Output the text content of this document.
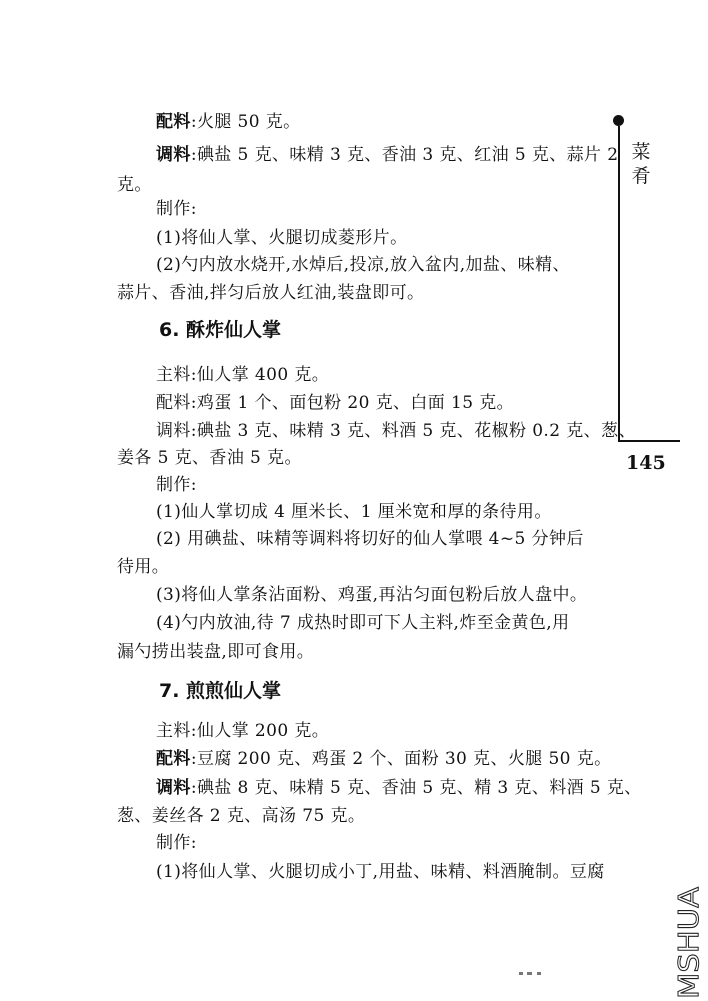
菜肴
145

配料:火腿 50 克。

调料:碘盐 5 克、味精 3 克、香油 3 克、红油 5 克、蒜片 2

克。

制作:

(1)将仙人掌、火腿切成菱形片。

(2)勺内放水烧开,水焯后,投凉,放入盆内,加盐、味精、

蒜片、香油,拌匀后放人红油,装盘即可。

6. 酥炸仙人掌

主料:仙人掌 400 克。

配料:鸡蛋 1 个、面包粉 20 克、白面 15 克。

调料:碘盐 3 克、味精 3 克、料酒 5 克、花椒粉 0.2 克、葱、

姜各 5 克、香油 5 克。

制作:

(1)仙人掌切成 4 厘米长、1 厘米宽和厚的条待用。

(2) 用碘盐、味精等调料将切好的仙人掌喂 4~5 分钟后

待用。

(3)将仙人掌条沾面粉、鸡蛋,再沾匀面包粉后放人盘中。

(4)勺内放油,待 7 成热时即可下人主料,炸至金黄色,用

漏勺捞出装盘,即可食用。

7. 煎煎仙人掌

主料:仙人掌 200 克。

配料:豆腐 200 克、鸡蛋 2 个、面粉 30 克、火腿 50 克。

调料:碘盐 8 克、味精 5 克、香油 5 克、精 3 克、料酒 5 克、

葱、姜丝各 2 克、高汤 75 克。

制作:

(1)将仙人掌、火腿切成小丁,用盐、味精、料酒腌制。豆腐

MSHUA
